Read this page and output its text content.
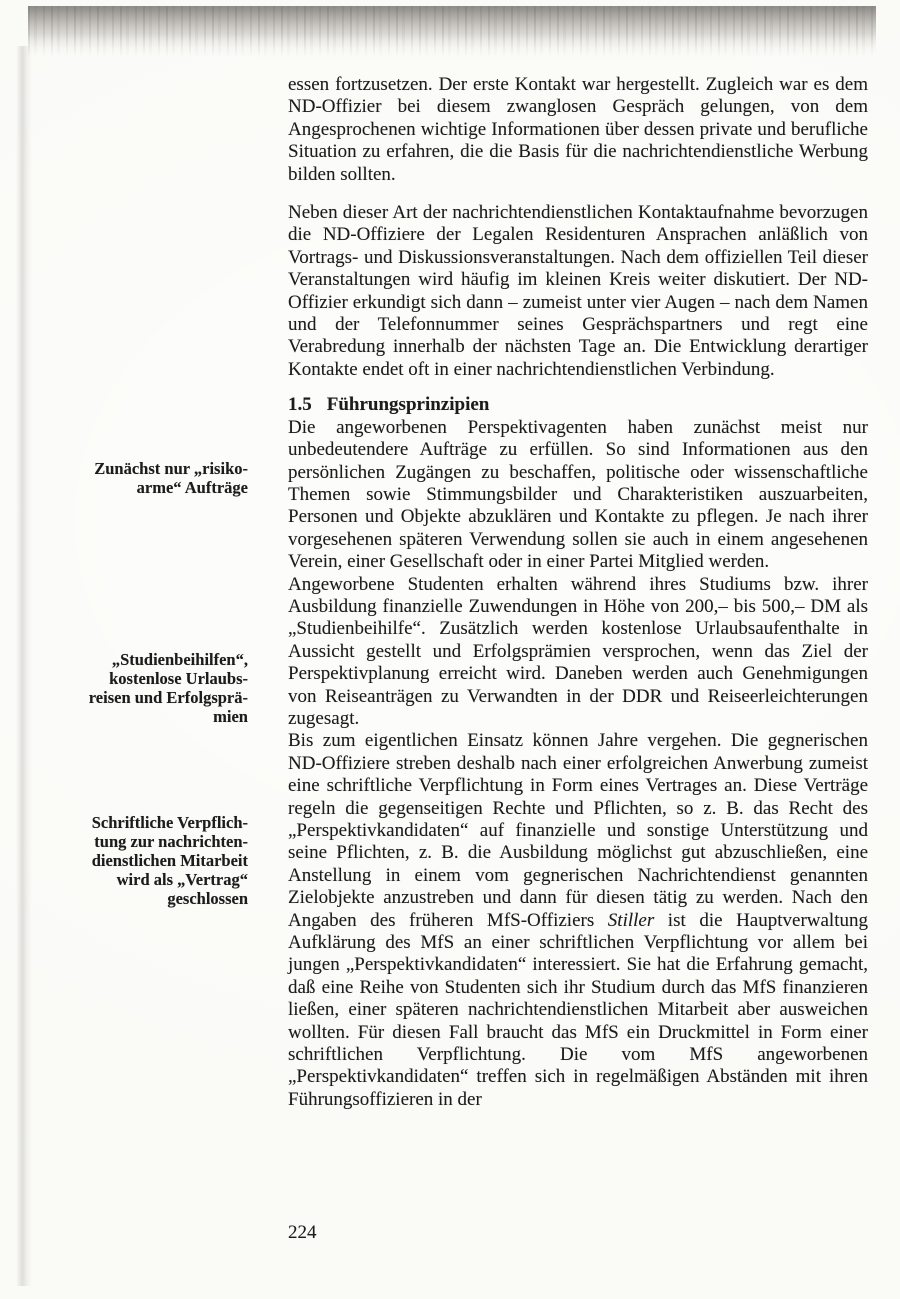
Zunächst nur „risiko-
arme“ Aufträge
„Studienbeihilfen“,
kostenlose Urlaubs-
reisen und Erfolgsprä-
mien
Schriftliche Verpflich-
tung zur nachrichten-
dienstlichen Mitarbeit
wird als „Vertrag“
geschlossen

essen fortzusetzen. Der erste Kontakt war hergestellt. Zugleich war es dem ND-Offizier bei diesem zwanglosen Gespräch gelungen, von dem Angesprochenen wichtige Informationen über dessen private und berufliche Situation zu erfahren, die die Basis für die nachrichtendienstliche Werbung bilden sollten.

Neben dieser Art der nachrichtendienstlichen Kontaktaufnahme bevorzugen die ND-Offiziere der Legalen Residenturen Ansprachen anläßlich von Vortrags- und Diskussionsveranstaltungen. Nach dem offiziellen Teil dieser Veranstaltungen wird häufig im kleinen Kreis weiter diskutiert. Der ND-Offizier erkundigt sich dann – zumeist unter vier Augen – nach dem Namen und der Telefonnummer seines Gesprächspartners und regt eine Verabredung innerhalb der nächsten Tage an. Die Entwicklung derartiger Kontakte endet oft in einer nachrichtendienstlichen Verbindung.

1.5 Führungsprinzipien

Die angeworbenen Perspektivagenten haben zunächst meist nur unbedeutendere Aufträge zu erfüllen. So sind Informationen aus den persönlichen Zugängen zu beschaffen, politische oder wissenschaftliche Themen sowie Stimmungsbilder und Charakteristiken auszuarbeiten, Personen und Objekte abzuklären und Kontakte zu pflegen. Je nach ihrer vorgesehenen späteren Verwendung sollen sie auch in einem angesehenen Verein, einer Gesellschaft oder in einer Partei Mitglied werden.

Angeworbene Studenten erhalten während ihres Studiums bzw. ihrer Ausbildung finanzielle Zuwendungen in Höhe von 200,– bis 500,– DM als „Studienbeihilfe“. Zusätzlich werden kostenlose Urlaubsaufenthalte in Aussicht gestellt und Erfolgsprämien versprochen, wenn das Ziel der Perspektivplanung erreicht wird. Daneben werden auch Genehmigungen von Reiseanträgen zu Verwandten in der DDR und Reiseerleichterungen zugesagt.

Bis zum eigentlichen Einsatz können Jahre vergehen. Die gegnerischen ND-Offiziere streben deshalb nach einer erfolgreichen Anwerbung zumeist eine schriftliche Verpflichtung in Form eines Vertrages an. Diese Verträge regeln die gegenseitigen Rechte und Pflichten, so z. B. das Recht des „Perspektivkandidaten“ auf finanzielle und sonstige Unterstützung und seine Pflichten, z. B. die Ausbildung möglichst gut abzuschließen, eine Anstellung in einem vom gegnerischen Nachrichtendienst genannten Zielobjekte anzustreben und dann für diesen tätig zu werden. Nach den Angaben des früheren MfS-Offiziers Stiller ist die Hauptverwaltung Aufklärung des MfS an einer schriftlichen Verpflichtung vor allem bei jungen „Perspektivkandidaten“ interessiert. Sie hat die Erfahrung gemacht, daß eine Reihe von Studenten sich ihr Studium durch das MfS finanzieren ließen, einer späteren nachrichtendienstlichen Mitarbeit aber ausweichen wollten. Für diesen Fall braucht das MfS ein Druckmittel in Form einer schriftlichen Verpflichtung. Die vom MfS angeworbenen „Perspektivkandidaten“ treffen sich in regelmäßigen Abständen mit ihren Führungsoffizieren in der

224
